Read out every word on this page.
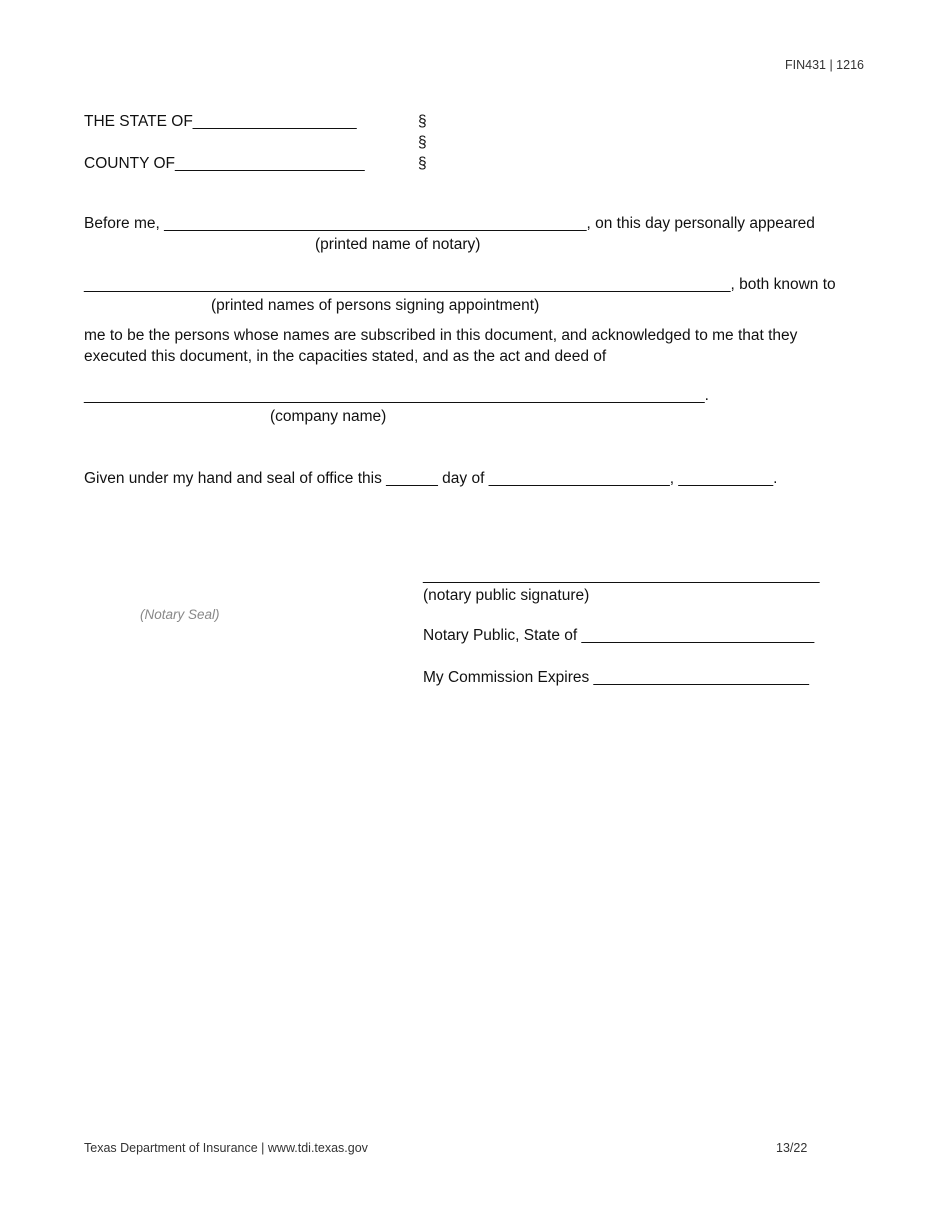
FIN431 | 1216
THE STATE OF___________________	§
§
COUNTY OF______________________	§
Before me, _________________________________________________, on this day personally appeared
(printed name of notary)
___________________________________________________________________________, both known to
(printed names of persons signing appointment)
me to be the persons whose names are subscribed in this document, and acknowledged to me that they
executed this document, in the capacities stated, and as the act and deed of
________________________________________________________________________.
(company name)
Given under my hand and seal of office this ______ day of _____________________, ___________.
______________________________________________
(notary public signature)
(Notary Seal)
Notary Public, State of ___________________________
My Commission Expires _________________________
Texas Department of Insurance | www.tdi.texas.gov	13/22
